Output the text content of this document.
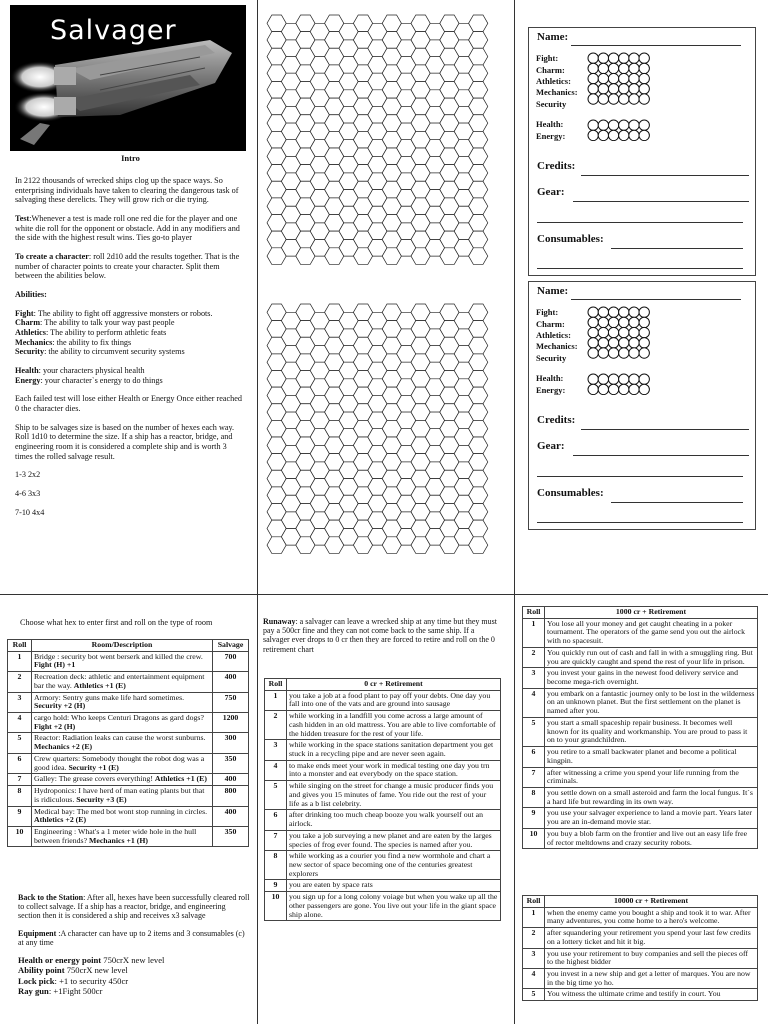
Salvager
Intro

In 2122 thousands of wrecked ships clog up the space ways. So enterprising individuals have taken to clearing the dangerous task of salvaging these derelicts. They will grow rich or die trying.

Test:Whenever a test is made roll one red die for the player and one white die roll for the opponent or obstacle. Add in any modifiers and the side with the highest result wins. Ties go-to player

To create a character: roll 2d10 add the results together. That is the number of character points to create your character. Split them between the abilities below.

Abilities:

Fight: The ability to fight off aggressive monsters or robots.
Charm: The ability to talk your way past people
Athletics: The ability to perform athletic feats
Mechanics: the ability to fix things
Security: the ability to circumvent security systems

Health: your characters physical health
Energy: your character`s energy to do things

Each failed test will lose either Health or Energy Once either reached 0 the character dies.

Ship to be salvages size is based on the number of hexes each way. Roll 1d10 to determine the size. If a ship has a reactor, bridge, and engineering room it is considered a complete ship and is worth 3 times the rolled salvage result.

1-3 2x2

4-6 3x3

7-10 4x4

Name:
Fight:
Charm:
Athletics:
Mechanics:
Security
Health:
Energy:
Credits:
Gear:
Consumables:
Name:
Fight:
Charm:
Athletics:
Mechanics:
Security
Health:
Energy:
Credits:
Gear:
Consumables:
Choose what hex to enter first and roll on the type of room
Roll	Room/Description	Salvage
1	Bridge : security bot went berserk and killed the crew. Fight (H) +1	700
2	Recreation deck: athletic and entertainment equipment bar the way. Athletics +1 (E)	400
3	Armory: Sentry guns make life hard sometimes. Security +2 (H)	750
4	cargo hold: Who keeps Centuri Dragons as gard dogs? Fight +2 (H)	1200
5	Reactor: Radiation leaks can cause the worst sunburns. Mechanics +2 (E)	300
6	Crew quarters: Somebody thought the robot dog was a good idea. Security +1 (E)	350
7	Galley: The grease covers everything! Athletics +1 (E)	400
8	Hydroponics: I have herd of man eating plants but that is ridiculous. Security +3 (E)	800
9	Medical bay: The med bot wont stop running in circles. Athletics +2 (E)	400
10	Engineering : What's a 1 meter wide hole in the hull between friends? Mechanics +1 (H)	350

Back to the Station: After all, hexes have been successfully cleared roll to collect salvage. If a ship has a reactor, bridge, and engineering section then it is considered a ship and receives x3 salvage

Equipment :A character can have up to 2 items and 3 consumables (c) at any time

Health or energy point 750crX new level
Ability point 750crX new level
Lock pick: +1 to security 450cr
Ray gun: +1Fight 500cr
Runaway: a salvager can leave a wrecked ship at any time but they must pay a 500cr fine and they can not come back to the same ship. If a salvager ever drops to 0 cr then they are forced to retire and roll on the 0 retirement chart
Roll	0 cr + Retirement
1	you take a job at a food plant to pay off your debts. One day you fall into one of the vats and are ground into sausage
2	while working in a landfill you come across a large amount of cash hidden in an old mattress. You are able to live comfortable of the hidden treasure for the rest of your life.
3	while working in the space stations sanitation department you get stuck in a recycling pipe and are never seen again.
4	to make ends meet your work in medical testing one day you trn into a monster and eat everybody on the space station.
5	while singing on the street for change a music producer finds you and gives you 15 minutes of fame. You ride out the rest of your life as a b list celebrity.
6	after drinking too much cheap booze you walk yourself out an airlock.
7	you take a job surveying a new planet and are eaten by the larges species of frog ever found. The species is named after you.
8	while working as a courier you find a new wormhole and chart a new sector of space becoming one of the centuries greatest explorers
9	you are eaten by space rats
10	you sign up for a long colony voiage but when you wake up all the other passengers are gone. You live out your life in the giant space ship alone.
Roll	1000 cr + Retirement
1	You lose all your money and get caught cheating in a poker tournament. The operators of the game send you out the airlock with no spacesuit.
2	You quickly run out of cash and fall in with a smuggling ring. But you are quickly caught and spend the rest of your life in prison.
3	you invest your gains in the newest food delivery service and become mega-rich overnight.
4	you embark on a fantastic journey only to be lost in the wilderness on an unknown planet. But the first settlement on the planet is named after you.
5	you start a small spaceship repair business. It becomes well known for its quality and workmanship. You are proud to pass it on to your grandchildren.
6	you retire to a small backwater planet and become a political kingpin.
7	after witnessing a crime you spend your life running from the criminals.
8	you settle down on a small asteroid and farm the local fungus. It`s a hard life but rewarding in its own way.
9	you use your salvager experience to land a movie part. Years later you are an in-demand movie star.
10	you buy a blob farm on the frontier and live out an easy life free of rector meltdowns and crazy security robots.
Roll	10000 cr + Retirement
1	when the enemy came you bought a ship and took it to war. After many adventures, you come home to a hero's welcome.
2	after squandering your retirement you spend your last few credits on a lottery ticket and hit it big.
3	you use your retirement to buy companies and sell the pieces off to the highest bidder
4	you invest in a new ship and get a letter of marques. You are now in the big time yo ho.
5	You witness the ultimate crime and testify in court. You
